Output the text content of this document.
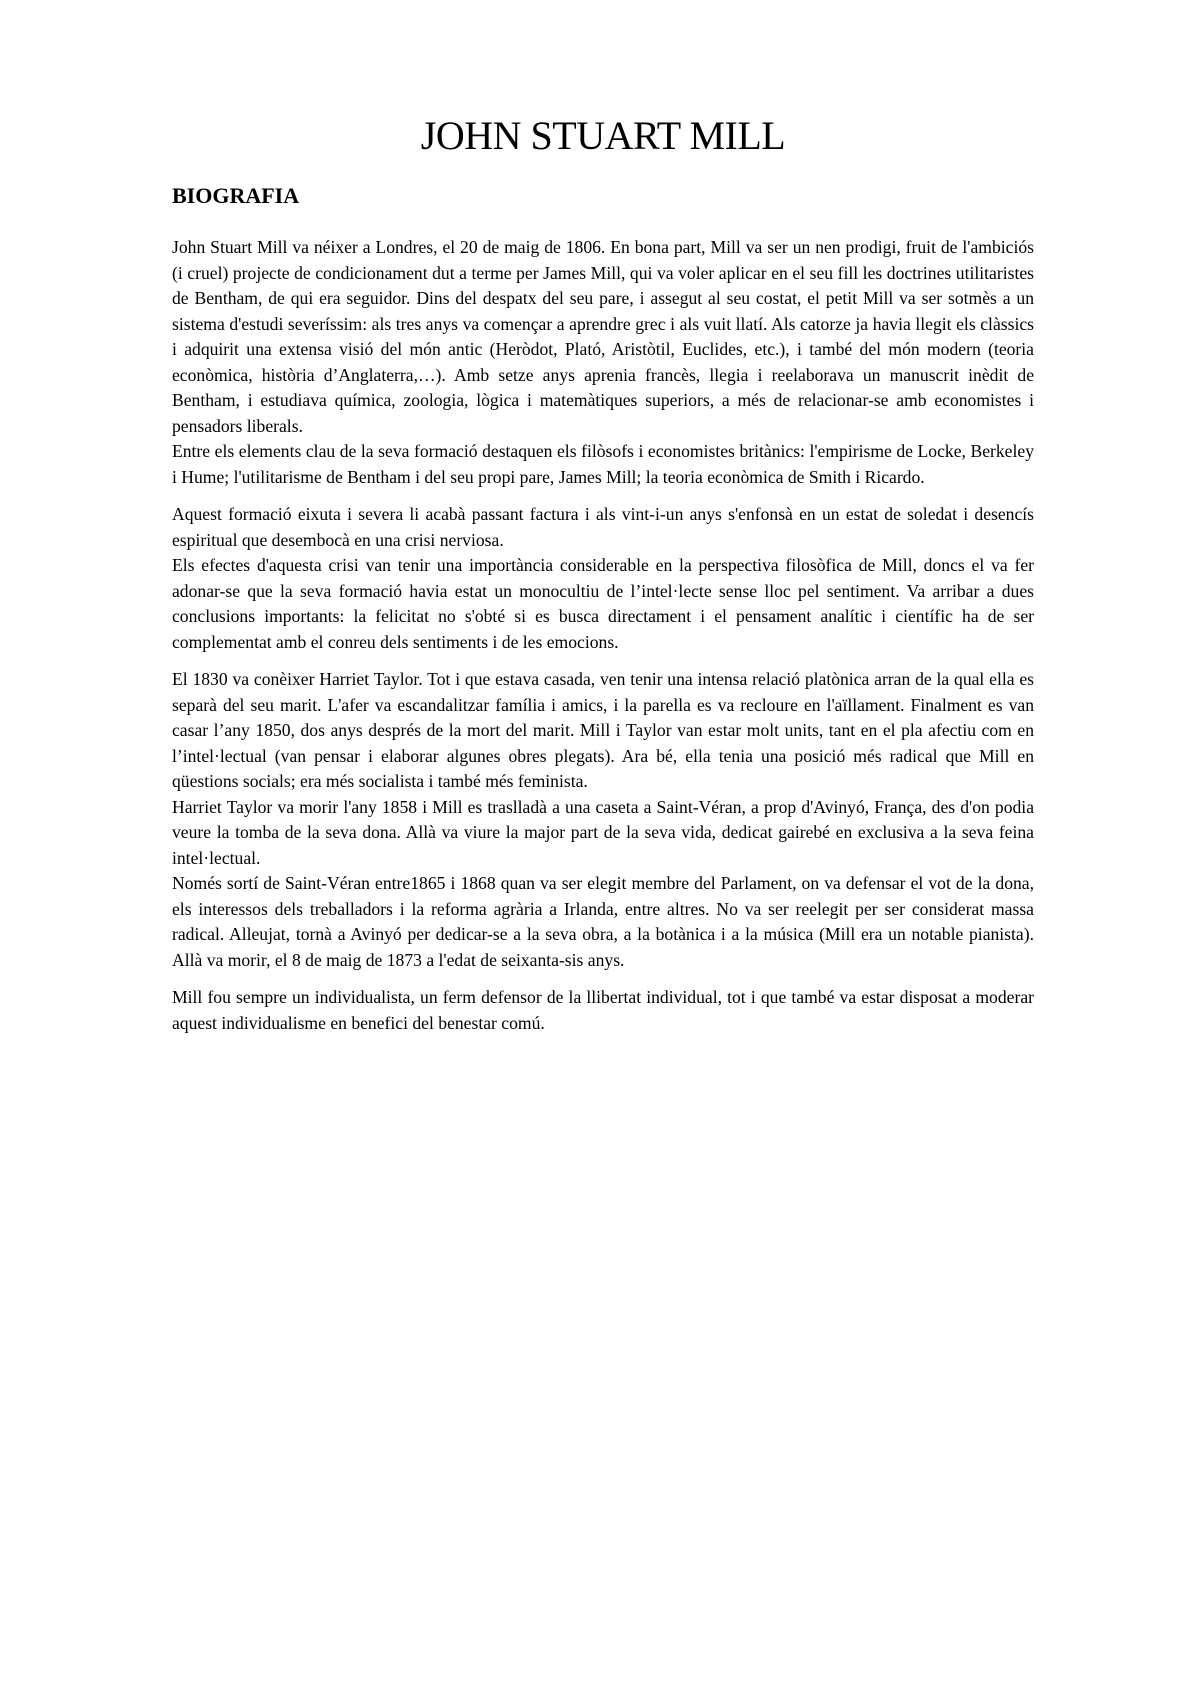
JOHN STUART MILL
BIOGRAFIA

John Stuart Mill va néixer a Londres, el 20 de maig de 1806. En bona part, Mill va ser un nen prodigi, fruit de l'ambiciós (i cruel) projecte de condicionament dut a terme per James Mill, qui va voler aplicar en el seu fill les doctrines utilitaristes de Bentham, de qui era seguidor. Dins del despatx del seu pare, i assegut al seu costat, el petit Mill va ser sotmès a un sistema d'estudi severíssim: als tres anys va començar a aprendre grec i als vuit llatí. Als catorze ja havia llegit els clàssics i adquirit una extensa visió del món antic (Heròdot, Plató, Aristòtil, Euclides, etc.), i també del món modern (teoria econòmica, història d’Anglaterra,…). Amb setze anys aprenia francès, llegia i reelaborava un manuscrit inèdit de Bentham, i estudiava química, zoologia, lògica i matemàtiques superiors, a més de relacionar-se amb economistes i pensadors liberals.

Entre els elements clau de la seva formació destaquen els filòsofs i economistes britànics: l'empirisme de Locke, Berkeley i Hume; l'utilitarisme de Bentham i del seu propi pare, James Mill; la teoria econòmica de Smith i Ricardo.

Aquest formació eixuta i severa li acabà passant factura i als vint-i-un anys s'enfonsà en un estat de soledat i desencís espiritual que desembocà en una crisi nerviosa.

Els efectes d'aquesta crisi van tenir una importància considerable en la perspectiva filosòfica de Mill, doncs el va fer adonar-se que la seva formació havia estat un monocultiu de l’intel·lecte sense lloc pel sentiment. Va arribar a dues conclusions importants: la felicitat no s'obté si es busca directament i el pensament analític i científic ha de ser complementat amb el conreu dels sentiments i de les emocions.

El 1830 va conèixer Harriet Taylor. Tot i que estava casada, ven tenir una intensa relació platònica arran de la qual ella es separà del seu marit. L'afer va escandalitzar família i amics, i la parella es va recloure en l'aïllament. Finalment es van casar l’any 1850, dos anys després de la mort del marit. Mill i Taylor van estar molt units, tant en el pla afectiu com en l’intel·lectual (van pensar i elaborar algunes obres plegats). Ara bé, ella tenia una posició més radical que Mill en qüestions socials; era més socialista i també més feminista.

Harriet Taylor va morir l'any 1858 i Mill es traslladà a una caseta a Saint-Véran, a prop d'Avinyó, França, des d'on podia veure la tomba de la seva dona. Allà va viure la major part de la seva vida, dedicat gairebé en exclusiva a la seva feina intel·lectual.

Només sortí de Saint-Véran entre1865 i 1868 quan va ser elegit membre del Parlament, on va defensar el vot de la dona, els interessos dels treballadors i la reforma agrària a Irlanda, entre altres. No va ser reelegit per ser considerat massa radical. Alleujat, tornà a Avinyó per dedicar-se a la seva obra, a la botànica i a la música (Mill era un notable pianista). Allà va morir, el 8 de maig de 1873 a l'edat de seixanta-sis anys.

Mill fou sempre un individualista, un ferm defensor de la llibertat individual, tot i que també va estar disposat a moderar aquest individualisme en benefici del benestar comú.
